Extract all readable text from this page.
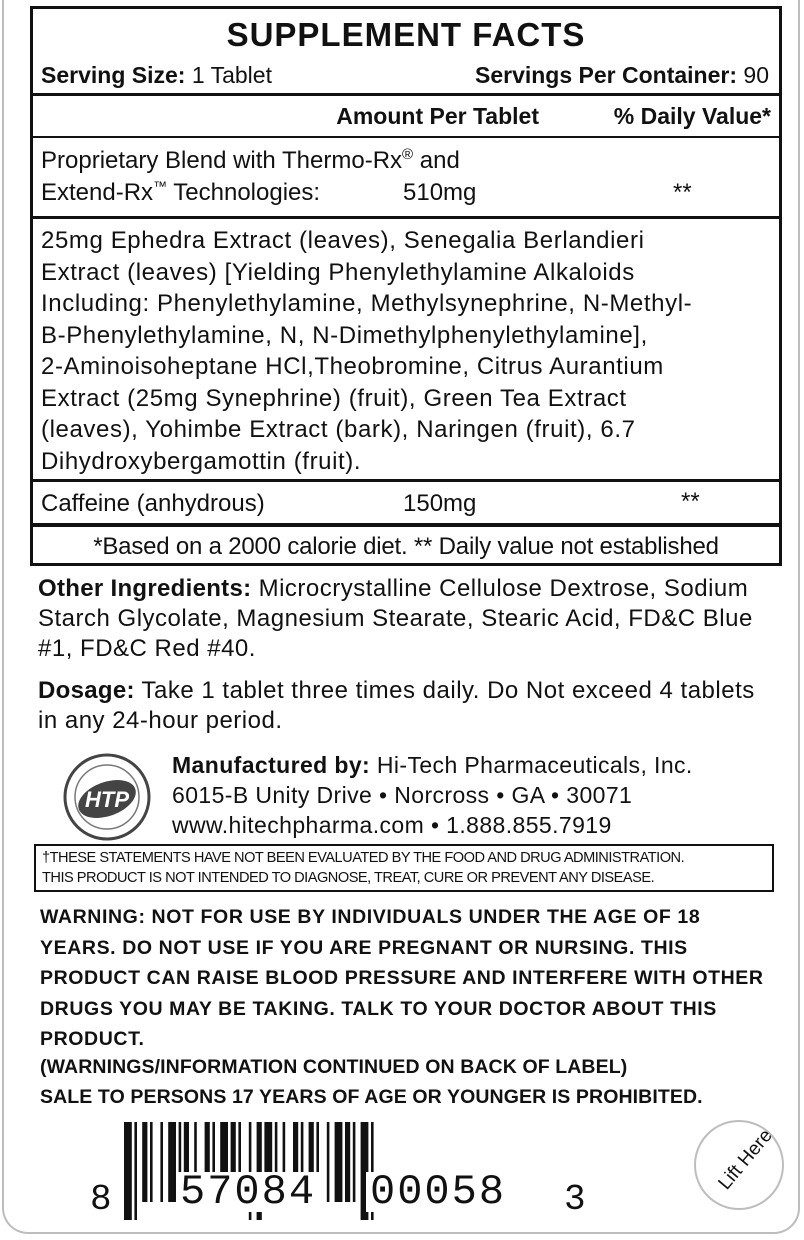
SUPPLEMENT FACTS
Serving Size: 1 Tablet	Servings Per Container: 90
Amount Per Tablet	% Daily Value*
Proprietary Blend with Thermo-Rx® and
Extend-Rx™ Technologies:	510mg	**
25mg Ephedra Extract (leaves), Senegalia Berlandieri
Extract (leaves) [Yielding Phenylethylamine Alkaloids
Including: Phenylethylamine, Methylsynephrine, N-Methyl-
B-Phenylethylamine, N, N-Dimethylphenylethylamine],
2-Aminoisoheptane HCl,Theobromine, Citrus Aurantium
Extract (25mg Synephrine) (fruit), Green Tea Extract
(leaves), Yohimbe Extract (bark), Naringen (fruit), 6.7
Dihydroxybergamottin (fruit).
Caffeine (anhydrous)	150mg	**
*Based on a 2000 calorie diet. ** Daily value not established
Other Ingredients: Microcrystalline Cellulose Dextrose, Sodium Starch Glycolate, Magnesium Stearate, Stearic Acid, FD&C Blue #1, FD&C Red #40.
Dosage: Take 1 tablet three times daily. Do Not exceed 4 tablets in any 24-hour period.
HTP
Manufactured by: Hi-Tech Pharmaceuticals, Inc.
6015-B Unity Drive • Norcross • GA • 30071
www.hitechpharma.com • 1.888.855.7919
†THESE STATEMENTS HAVE NOT BEEN EVALUATED BY THE FOOD AND DRUG ADMINISTRATION.
THIS PRODUCT IS NOT INTENDED TO DIAGNOSE, TREAT, CURE OR PREVENT ANY DISEASE.
WARNING: NOT FOR USE BY INDIVIDUALS UNDER THE AGE OF 18 YEARS. DO NOT USE IF YOU ARE PREGNANT OR NURSING. THIS PRODUCT CAN RAISE BLOOD PRESSURE AND INTERFERE WITH OTHER DRUGS YOU MAY BE TAKING. TALK TO YOUR DOCTOR ABOUT THIS PRODUCT.
(WARNINGS/INFORMATION CONTINUED ON BACK OF LABEL)
SALE TO PERSONS 17 YEARS OF AGE OR YOUNGER IS PROHIBITED.
8 57084 00058 3
Lift Here
